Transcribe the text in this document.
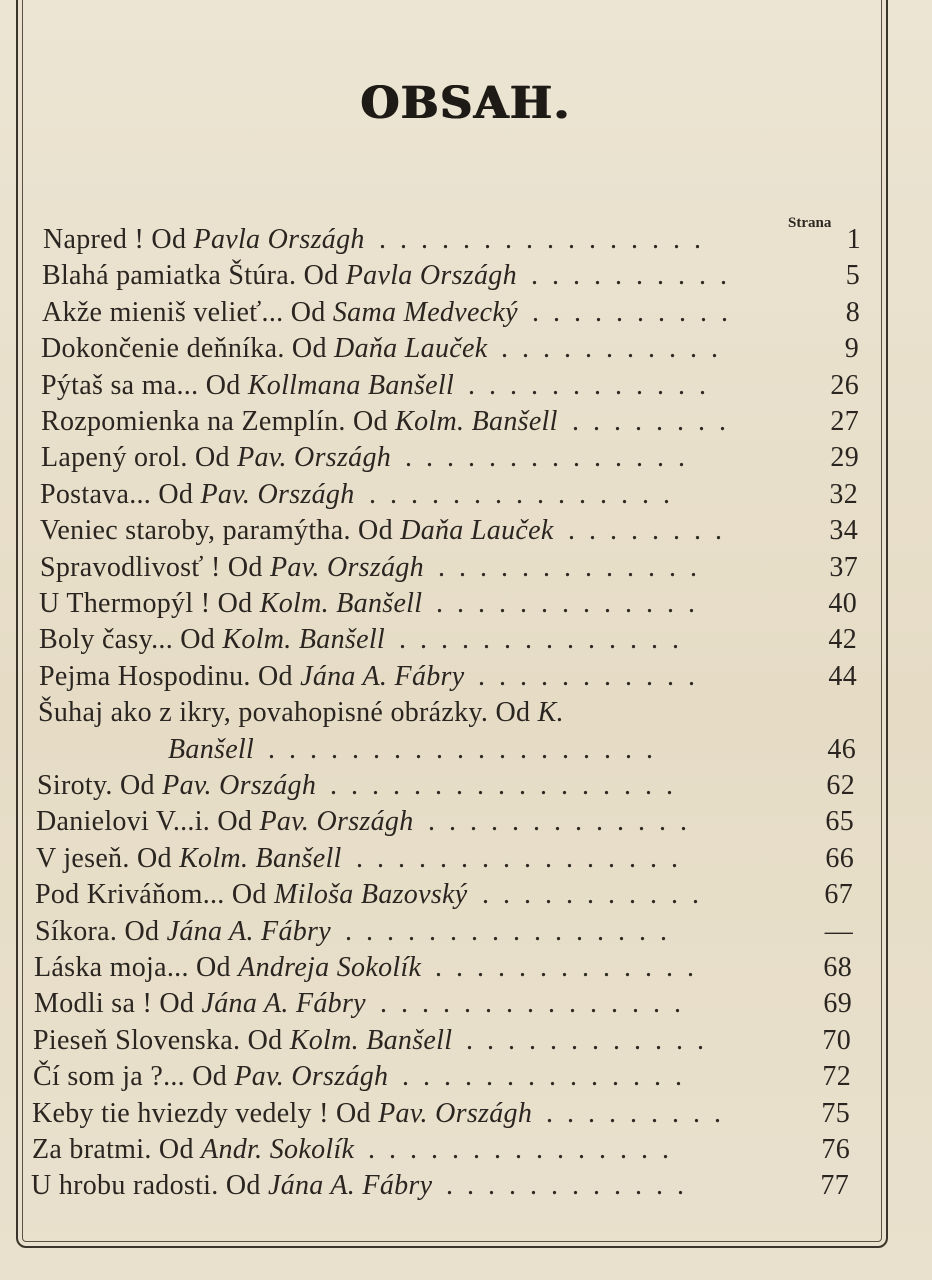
OBSAH.
Strana
Napred ! Od Pavla Országh	1
................
Blahá pamiatka Štúra. Od Pavla Országh	5
..........
Akže mieniš velieť... Od Sama Medvecký	8
..........
Dokončenie deňníka. Od Daňa Lauček	9
...........
Pýtaš sa ma... Od Kollmana Banšell	26
............
Rozpomienka na Zemplín. Od Kolm. Banšell	27
........
Lapený orol. Od Pav. Országh	29
..............
Postava... Od Pav. Országh	32
...............
Veniec staroby, paramýtha. Od Daňa Lauček	34
........
Spravodlivosť ! Od Pav. Országh	37
.............
U Thermopýl ! Od Kolm. Banšell	40
.............
Boly časy... Od Kolm. Banšell	42
..............
Pejma Hospodinu. Od Jána A. Fábry	44
...........
Šuhaj ako z ikry, povahopisné obrázky. Od K.
Banšell	46
...................
Siroty. Od Pav. Országh	62
.................
Danielovi V...i. Od Pav. Országh	65
.............
V jeseň. Od Kolm. Banšell	66
................
Pod Kriváňom... Od Miloša Bazovský	67
...........
Síkora. Od Jána A. Fábry	—
................
Láska moja... Od Andreja Sokolík	68
.............
Modli sa ! Od Jána A. Fábry	69
...............
Pieseň Slovenska. Od Kolm. Banšell	70
............
Čí som ja ?... Od Pav. Országh	72
..............
Keby tie hviezdy vedely ! Od Pav. Országh	75
.........
Za bratmi. Od Andr. Sokolík	76
...............
U hrobu radosti. Od Jána A. Fábry	77
............
